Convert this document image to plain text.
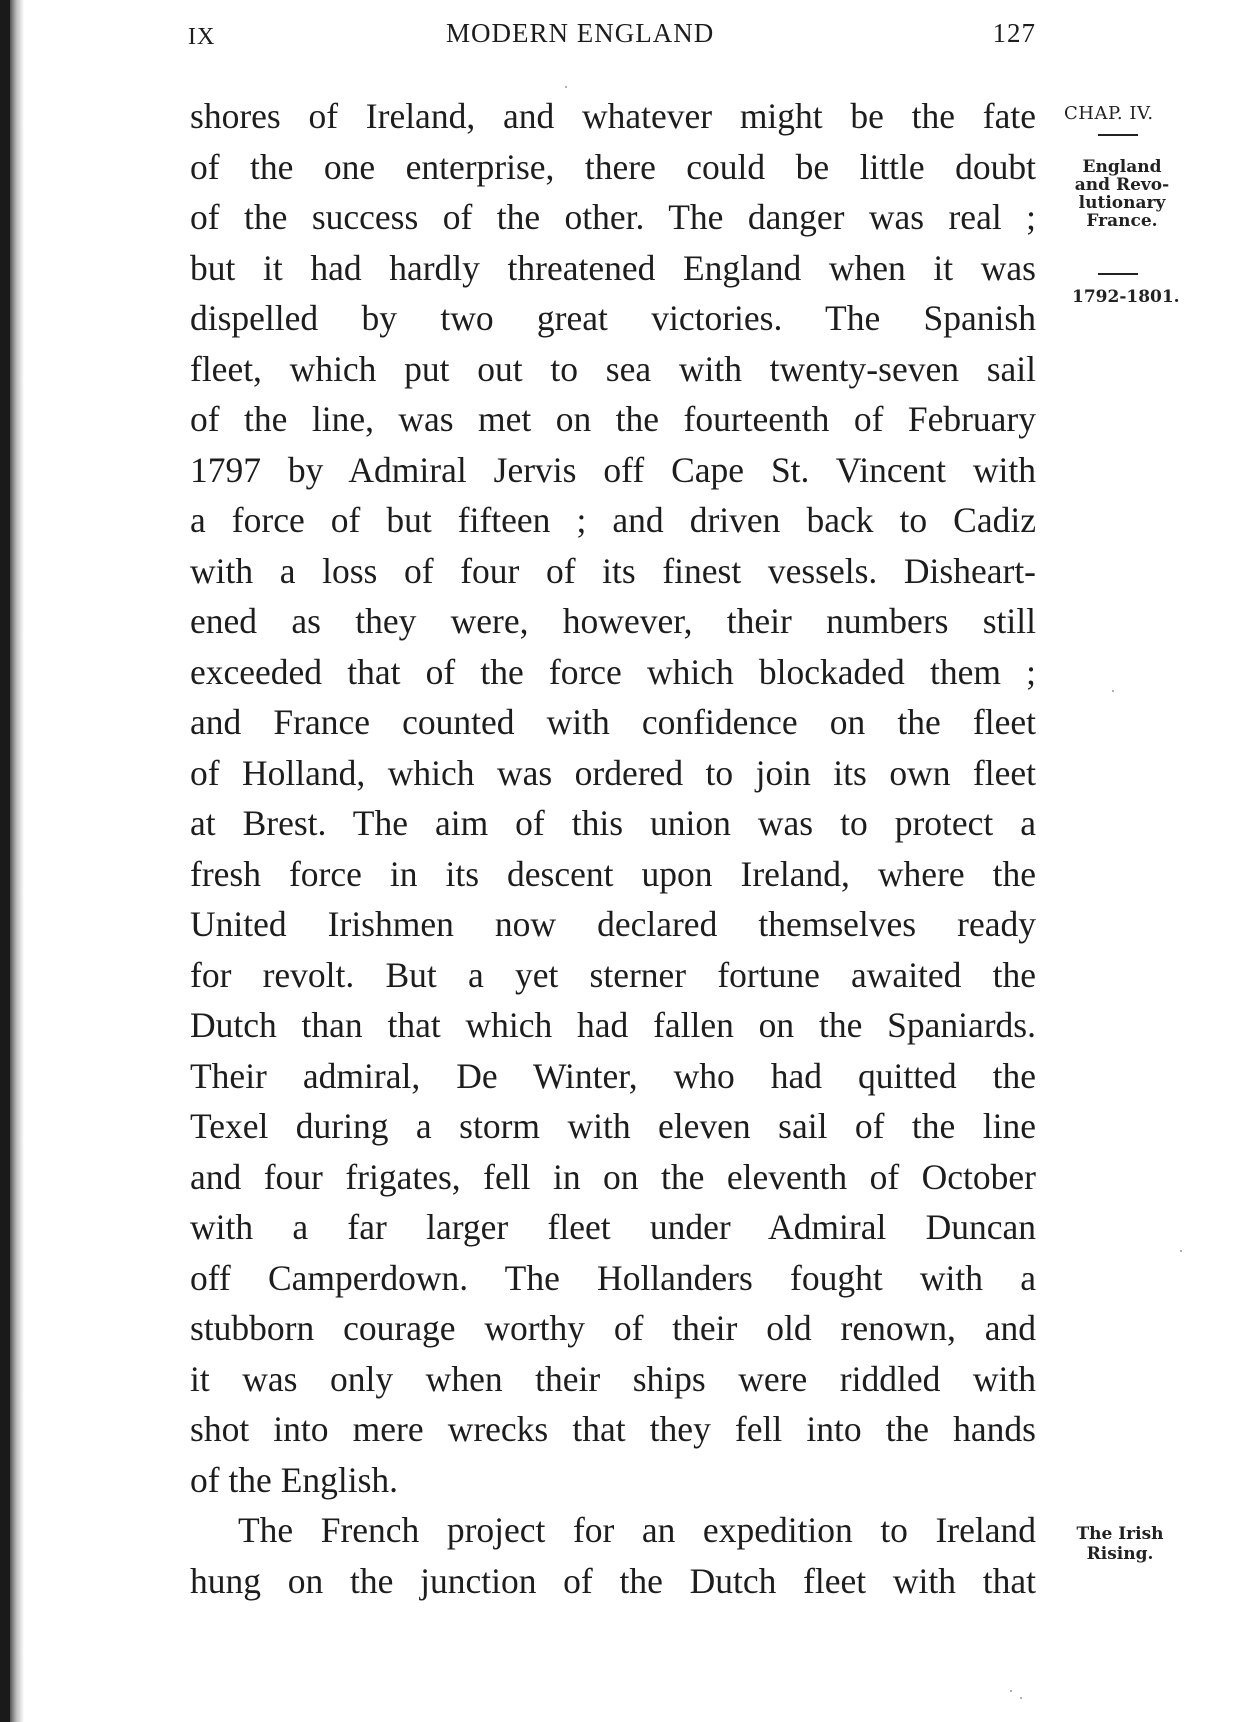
IX	MODERN ENGLAND	127
shores of Ireland, and whatever might be the fate
of the one enterprise, there could be little doubt
of the success of the other. The danger was real ;
but it had hardly threatened England when it was
dispelled by two great victories. The Spanish
fleet, which put out to sea with twenty-seven sail
of the line, was met on the fourteenth of February
1797 by Admiral Jervis off Cape St. Vincent with
a force of but fifteen ; and driven back to Cadiz
with a loss of four of its finest vessels. Disheart-
ened as they were, however, their numbers still
exceeded that of the force which blockaded them ;
and France counted with confidence on the fleet
of Holland, which was ordered to join its own fleet
at Brest. The aim of this union was to protect a
fresh force in its descent upon Ireland, where the
United Irishmen now declared themselves ready
for revolt. But a yet sterner fortune awaited the
Dutch than that which had fallen on the Spaniards.
Their admiral, De Winter, who had quitted the
Texel during a storm with eleven sail of the line
and four frigates, fell in on the eleventh of October
with a far larger fleet under Admiral Duncan
off Camperdown. The Hollanders fought with a
stubborn courage worthy of their old renown, and
it was only when their ships were riddled with
shot into mere wrecks that they fell into the hands
of the English.
The French project for an expedition to Ireland
hung on the junction of the Dutch fleet with that
CHAP. IV.
England
and Revo-
lutionary
France.
1792-1801.
The Irish
Rising.
